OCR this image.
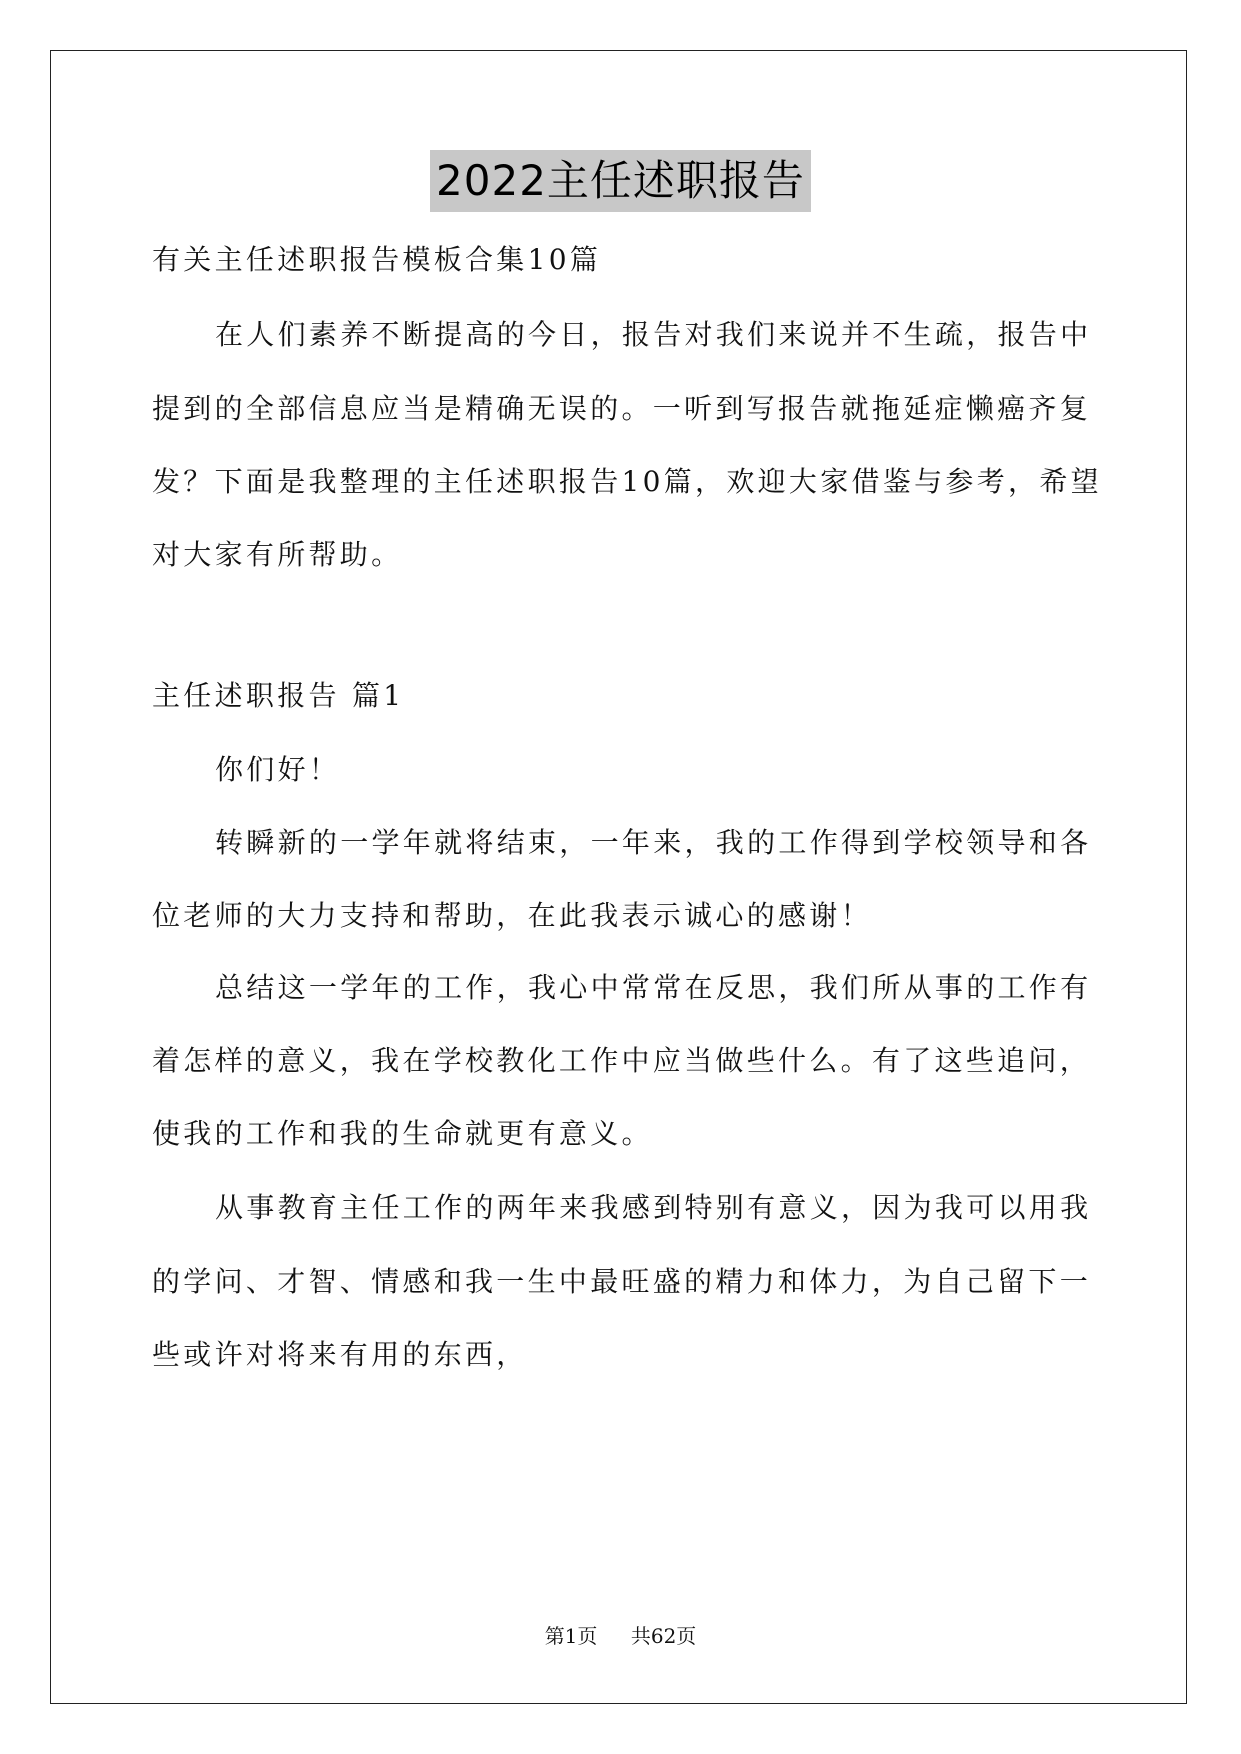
2022主任述职报告
有关主任述职报告模板合集10篇
在人们素养不断提高的今日，报告对我们来说并不生疏，报告中
提到的全部信息应当是精确无误的。一听到写报告就拖延症懒癌齐复
发？下面是我整理的主任述职报告10篇，欢迎大家借鉴与参考，希望
对大家有所帮助。
主任述职报告 篇1
你们好！
转瞬新的一学年就将结束，一年来，我的工作得到学校领导和各
位老师的大力支持和帮助，在此我表示诚心的感谢！
总结这一学年的工作，我心中常常在反思，我们所从事的工作有
着怎样的意义，我在学校教化工作中应当做些什么。有了这些追问，
使我的工作和我的生命就更有意义。
从事教育主任工作的两年来我感到特别有意义，因为我可以用我
的学问、才智、情感和我一生中最旺盛的精力和体力，为自己留下一
些或许对将来有用的东西，
第1页 共62页
